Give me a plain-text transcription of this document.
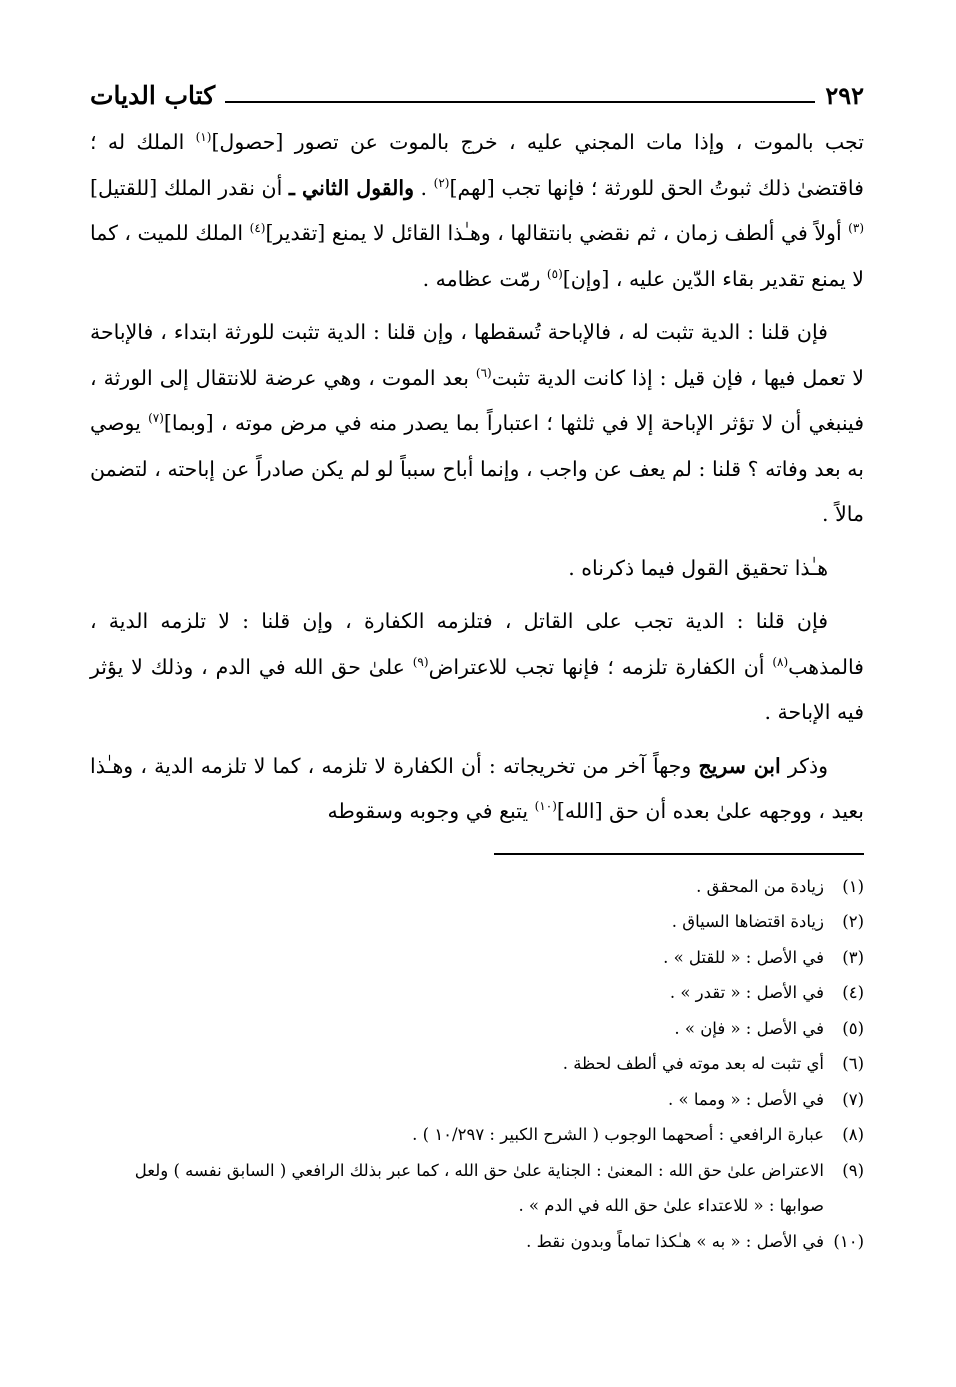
٢٩٢
كتاب الديات

تجب بالموت ، وإذا مات المجني عليه ، خرج بالموت عن تصور [حصول]$^{(١)}$ الملك له ؛ فاقتضىٰ ذلك ثبوتُ الحق للورثة ؛ فإنها تجب [لهم]$^{(٢)}$ . والقول الثاني ـ أن نقدر الملك [للقتيل]$^{(٣)}$ أولاً في ألطف زمان ، ثم نقضي بانتقالها ، وهـٰذا القائل لا يمنع [تقدير]$^{(٤)}$ الملك للميت ، كما لا يمنع تقدير بقاء الدّين عليه ، [وإن]$^{(٥)}$ رمّت عظامه .

فإن قلنا : الدية تثبت له ، فالإباحة تُسقطها ، وإن قلنا : الدية تثبت للورثة ابتداء ، فالإباحة لا تعمل فيها ، فإن قيل : إذا كانت الدية تثبت$^{(٦)}$ بعد الموت ، وهي عرضة للانتقال إلى الورثة ، فينبغي أن لا تؤثر الإباحة إلا في ثلثها ؛ اعتباراً بما يصدر منه في مرض موته ، [وبما]$^{(٧)}$ يوصي به بعد وفاته ؟ قلنا : لم يعف عن واجب ، وإنما أباح سبباً لو لم يكن صادراً عن إباحته ، لتضمن مالاً .

هـٰذا تحقيق القول فيما ذكرناه .

فإن قلنا : الدية تجب على القاتل ، فتلزمه الكفارة ، وإن قلنا : لا تلزمه الدية ، فالمذهب$^{(٨)}$ أن الكفارة تلزمه ؛ فإنها تجب للاعتراض$^{(٩)}$ علىٰ حق الله في الدم ، وذلك لا يؤثر فيه الإباحة .

وذكر ابن سريج وجهاً آخر من تخريجاته : أن الكفارة لا تلزمه ، كما لا تلزمه الدية ، وهـٰذا بعيد ، ووجهه علىٰ بعده أن حق [الله]$^{(١٠)}$ يتبع في وجوبه وسقوطه

(١)
زيادة من المحقق .
(٢)
زيادة اقتضاها السياق .
(٣)
في الأصل : « للقتل » .
(٤)
في الأصل : « تقدر » .
(٥)
في الأصل : « فإن » .
(٦)
أي تثبت له بعد موته في ألطف لحظة .
(٧)
في الأصل : « ومما » .
(٨)
عبارة الرافعي : أصحهما الوجوب ( الشرح الكبير : ١٠/٢٩٧ ) .
(٩)
الاعتراض علىٰ حق الله : المعنىٰ : الجناية علىٰ حق الله ، كما عبر بذلك الرافعي ( السابق نفسه ) ولعل صوابها : « للاعتداء علىٰ حق الله في الدم » .
(١٠)
في الأصل : « به » هـٰكذا تماماً وبدون نقط .
